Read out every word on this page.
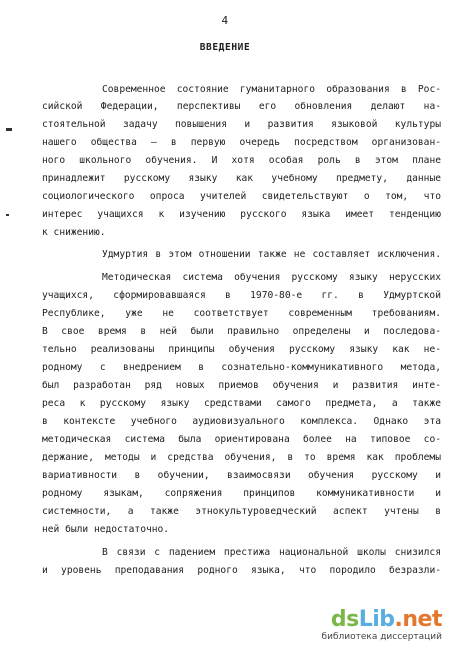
4
ВВЕДЕНИЕ
Современное состояние гуманитарного образования в Рос-
сийской Федерации, перспективы его обновления делают на-
стоятельной задачу повышения и развития языковой культуры
нашего общества — в первую очередь посредством организован-
ного школьного обучения. И хотя особая роль в этом плане
принадлежит русскому языку как учебному предмету, данные
социологического опроса учителей свидетельствуют о том, что
интерес учащихся к изучению русского языка имеет тенденцию
к снижению.
Удмуртия в этом отношении также не составляет исключения.
Методическая система обучения русскому языку нерусских
учащихся, сформировавшаяся в 1970-80-е гг. в Удмуртской
Республике, уже не соответствует современным требованиям.
В свое время в ней были правильно определены и последова-
тельно реализованы принципы обучения русскому языку как не-
родному с внедрением в сознательно-коммуникативного метода,
был разработан ряд новых приемов обучения и развития инте-
реса к русскому языку средствами самого предмета, а также
в контексте учебного аудиовизуального комплекса. Однако эта
методическая система была ориентирована более на типовое со-
держание, методы и средства обучения, в то время как проблемы
вариативности в обучении, взаимосвязи обучения русскому и
родному языкам, сопряжения принципов коммуникативности и
системности, а также этнокультуроведческий аспект учтены в
ней были недостаточно.
В связи с падением престижа национальной школы снизился
и уровень преподавания родного языка, что породило безразли-
dsLib.net
библиотека диссертаций
